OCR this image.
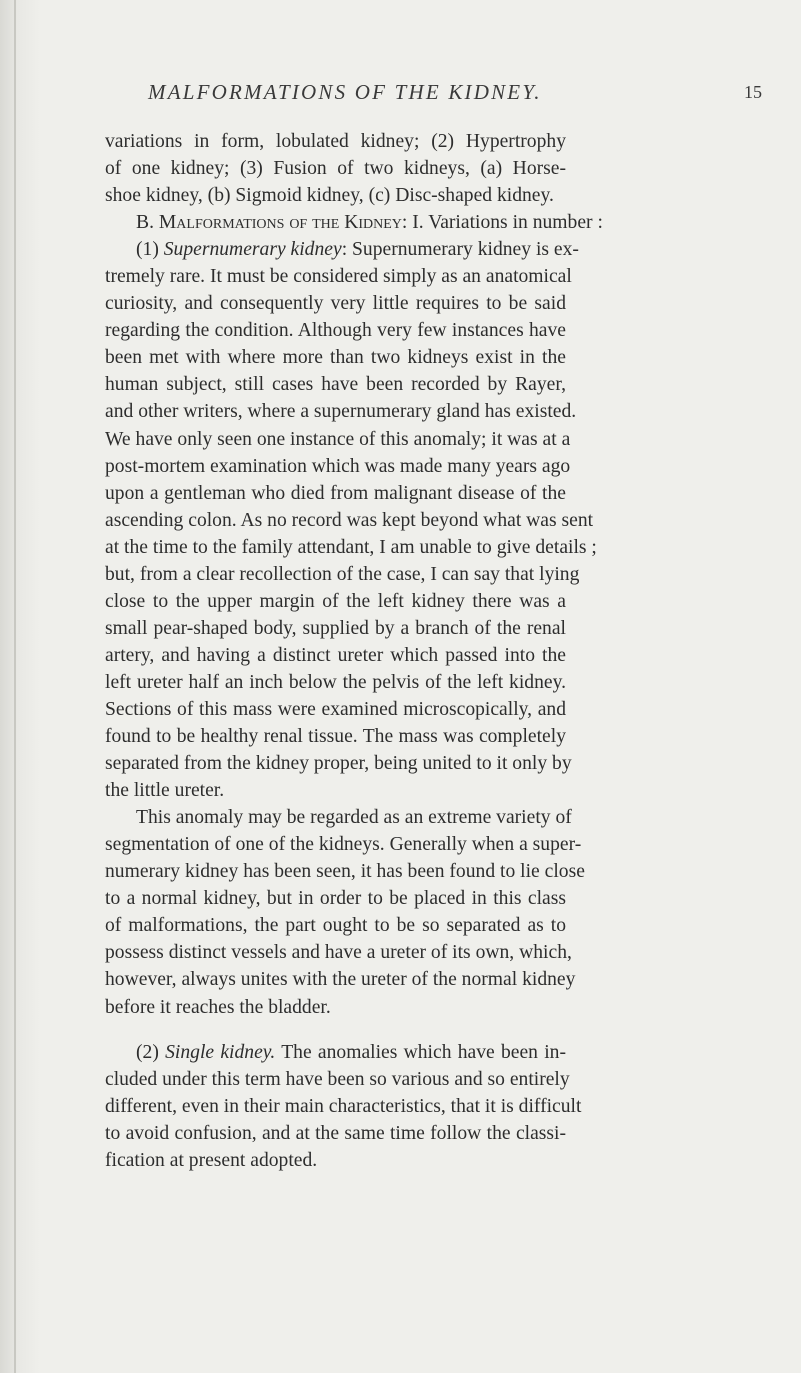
MALFORMATIONS OF THE KIDNEY.	15

variations in form, lobulated kidney; (2) Hypertrophy
of one kidney; (3) Fusion of two kidneys, (a) Horse-
shoe kidney, (b) Sigmoid kidney, (c) Disc-shaped kidney.

B. Malformations of the Kidney: I. Variations in number :

(1) Supernumerary kidney: Supernumerary kidney is ex-
tremely rare. It must be considered simply as an anatomical
curiosity, and consequently very little requires to be said
regarding the condition. Although very few instances have
been met with where more than two kidneys exist in the
human subject, still cases have been recorded by Rayer,
and other writers, where a supernumerary gland has existed.
We have only seen one instance of this anomaly; it was at a
post-mortem examination which was made many years ago
upon a gentleman who died from malignant disease of the
ascending colon. As no record was kept beyond what was sent
at the time to the family attendant, I am unable to give details ;
but, from a clear recollection of the case, I can say that lying
close to the upper margin of the left kidney there was a
small pear-shaped body, supplied by a branch of the renal
artery, and having a distinct ureter which passed into the
left ureter half an inch below the pelvis of the left kidney.
Sections of this mass were examined microscopically, and
found to be healthy renal tissue. The mass was completely
separated from the kidney proper, being united to it only by
the little ureter.

This anomaly may be regarded as an extreme variety of
segmentation of one of the kidneys. Generally when a super-
numerary kidney has been seen, it has been found to lie close
to a normal kidney, but in order to be placed in this class
of malformations, the part ought to be so separated as to
possess distinct vessels and have a ureter of its own, which,
however, always unites with the ureter of the normal kidney
before it reaches the bladder.

(2) Single kidney. The anomalies which have been in-
cluded under this term have been so various and so entirely
different, even in their main characteristics, that it is difficult
to avoid confusion, and at the same time follow the classi-
fication at present adopted.
